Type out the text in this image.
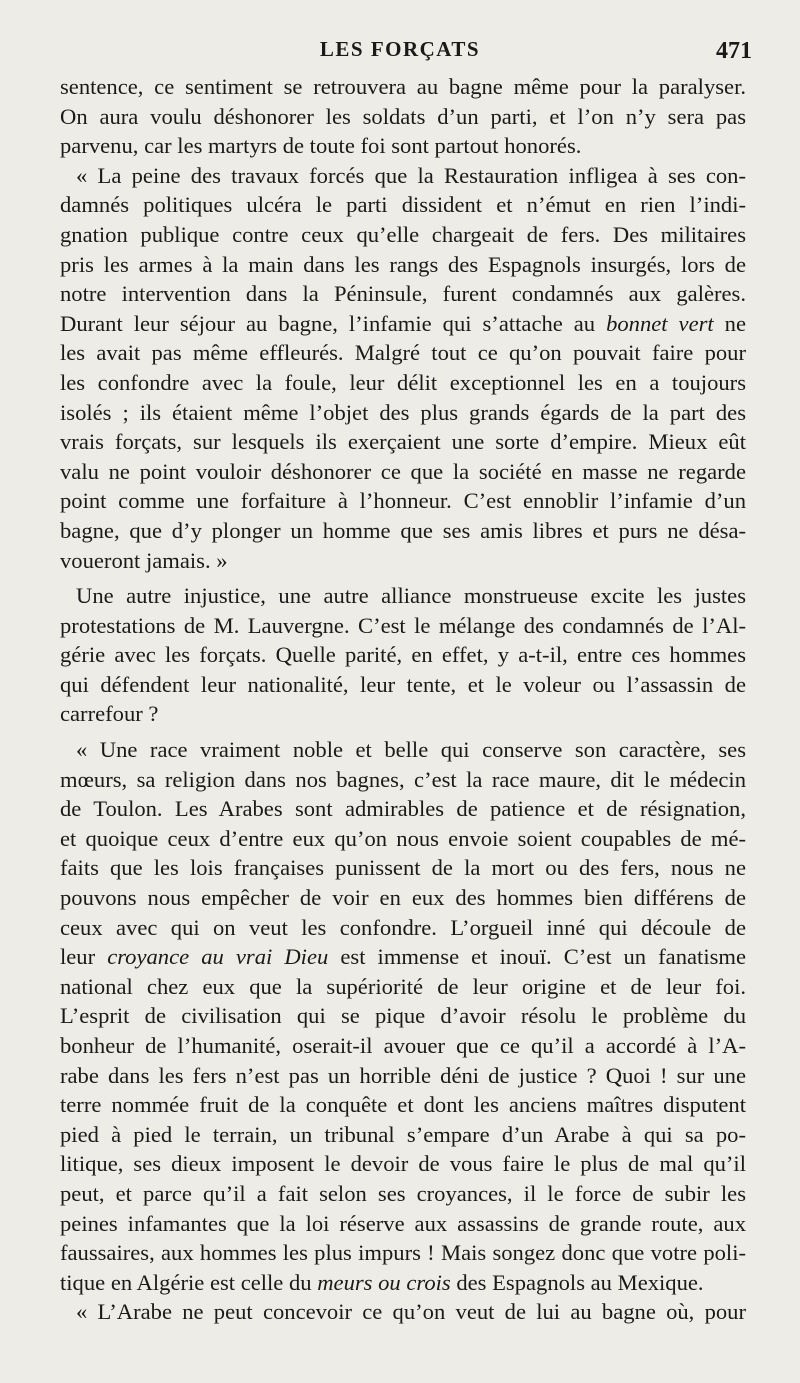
LES FORÇATS	471
sentence, ce sentiment se retrouvera au bagne même pour la paralyser.
On aura voulu déshonorer les soldats d’un parti, et l’on n’y sera pas
parvenu, car les martyrs de toute foi sont partout honorés.
« La peine des travaux forcés que la Restauration infligea à ses con-
damnés politiques ulcéra le parti dissident et n’émut en rien l’indi-
gnation publique contre ceux qu’elle chargeait de fers. Des militaires
pris les armes à la main dans les rangs des Espagnols insurgés, lors de
notre intervention dans la Péninsule, furent condamnés aux galères.
Durant leur séjour au bagne, l’infamie qui s’attache au bonnet vert ne
les avait pas même effleurés. Malgré tout ce qu’on pouvait faire pour
les confondre avec la foule, leur délit exceptionnel les en a toujours
isolés ; ils étaient même l’objet des plus grands égards de la part des
vrais forçats, sur lesquels ils exerçaient une sorte d’empire. Mieux eût
valu ne point vouloir déshonorer ce que la société en masse ne regarde
point comme une forfaiture à l’honneur. C’est ennoblir l’infamie d’un
bagne, que d’y plonger un homme que ses amis libres et purs ne désa-
voueront jamais. »
Une autre injustice, une autre alliance monstrueuse excite les justes
protestations de M. Lauvergne. C’est le mélange des condamnés de l’Al-
gérie avec les forçats. Quelle parité, en effet, y a-t-il, entre ces hommes
qui défendent leur nationalité, leur tente, et le voleur ou l’assassin de
carrefour ?
« Une race vraiment noble et belle qui conserve son caractère, ses
mœurs, sa religion dans nos bagnes, c’est la race maure, dit le médecin
de Toulon. Les Arabes sont admirables de patience et de résignation,
et quoique ceux d’entre eux qu’on nous envoie soient coupables de mé-
faits que les lois françaises punissent de la mort ou des fers, nous ne
pouvons nous empêcher de voir en eux des hommes bien différens de
ceux avec qui on veut les confondre. L’orgueil inné qui découle de
leur croyance au vrai Dieu est immense et inouï. C’est un fanatisme
national chez eux que la supériorité de leur origine et de leur foi.
L’esprit de civilisation qui se pique d’avoir résolu le problème du
bonheur de l’humanité, oserait-il avouer que ce qu’il a accordé à l’A-
rabe dans les fers n’est pas un horrible déni de justice ? Quoi ! sur une
terre nommée fruit de la conquête et dont les anciens maîtres disputent
pied à pied le terrain, un tribunal s’empare d’un Arabe à qui sa po-
litique, ses dieux imposent le devoir de vous faire le plus de mal qu’il
peut, et parce qu’il a fait selon ses croyances, il le force de subir les
peines infamantes que la loi réserve aux assassins de grande route, aux
faussaires, aux hommes les plus impurs ! Mais songez donc que votre poli-
tique en Algérie est celle du meurs ou crois des Espagnols au Mexique.
« L’Arabe ne peut concevoir ce qu’on veut de lui au bagne où, pour
